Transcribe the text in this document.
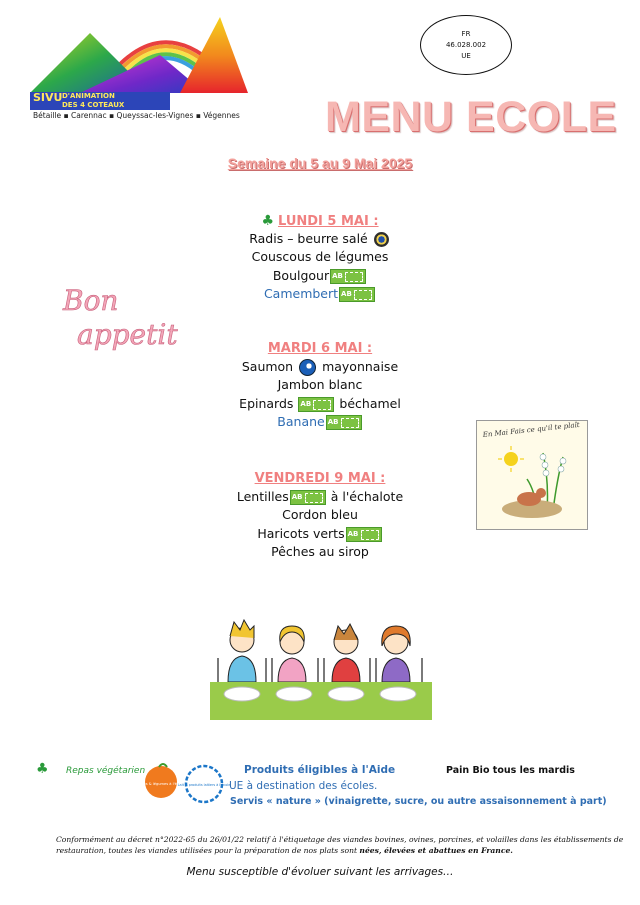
SIVU D'ANIMATION
DES 4 COTEAUX
Bétaille ▪ Carennac ▪ Queyssac-les-Vignes ▪ Végennes
FR
46.028.002
UE
MENU ECOLE
Semaine du 5 au 9 Mai 2025
Bon
appetit
♣ LUNDI 5 MAI :
Radis – beurre salé
Couscous de légumes
BoulgourAB
CamembertAB
MARDI 6 MAI :
Saumon mayonnaise
Jambon blanc
Epinards AB	béchamel
BananeAB
VENDREDI 9 MAI :
Lentilles AB	à l'échalote
Cordon bleu
Haricots vertsAB
Pêches au sirop
En Mai Fais ce qu'il te plaît
♣ Repas végétarien
Fruits & légumes à l'école
Lait & produits laitiers à l'école
Produits éligibles à l'Aide
UE à destination des écoles.
Pain Bio tous les mardis
Servis « nature » (vinaigrette, sucre, ou autre assaisonnement à part)
Conformément au décret n°2022-65 du 26/01/22 relatif à l'étiquetage des viandes bovines, ovines, porcines, et volailles dans les établissements de restauration, toutes les viandes utilisées pour la préparation de nos plats sont nées, élevées et abattues en France.
Menu susceptible d'évoluer suivant les arrivages…
